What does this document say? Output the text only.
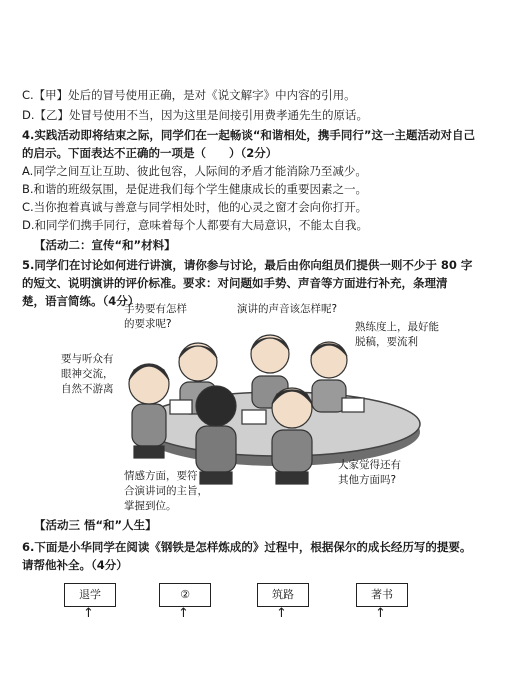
C.【甲】处后的冒号使用正确，是对《说文解字》中内容的引用。
D.【乙】处冒号使用不当，因为这里是间接引用费孝通先生的原话。
4.实践活动即将结束之际，同学们在一起畅谈“和谐相处，携手同行”这一主题活动对自己
的启示。下面表达不正确的一项是（　　）（2分）
A.同学之间互让互助、彼此包容，人际间的矛盾才能消除乃至减少。
B.和谐的班级氛围，是促进我们每个学生健康成长的重要因素之一。
C.当你抱着真诚与善意与同学相处时，他的心灵之窗才会向你打开。
D.和同学们携手同行，意味着每个人都要有大局意识，不能太自我。
【活动二：宣传“和”材料】
5.同学们在讨论如何进行讲演，请你参与讨论，最后由你向组员们提供一则不少于 80 字
的短文、说明演讲的评价标准。要求：对问题如手势、声音等方面进行补充，条理清
楚，语言简练。（4分）
手势要有怎样
的要求呢?
演讲的声音该怎样呢?
熟练度上，最好能
脱稿，要流利
要与听众有
眼神交流，
自然不游离
情感方面，要符
合演讲词的主旨，
掌握到位。
大家觉得还有
其他方面吗?
【活动三 悟“和”人生】
6.下面是小华同学在阅读《钢铁是怎样炼成的》过程中，根据保尔的成长经历写的提要。
请帮他补全。（4分）
退学	②	筑路	著书
↑	↑	↑	↑
